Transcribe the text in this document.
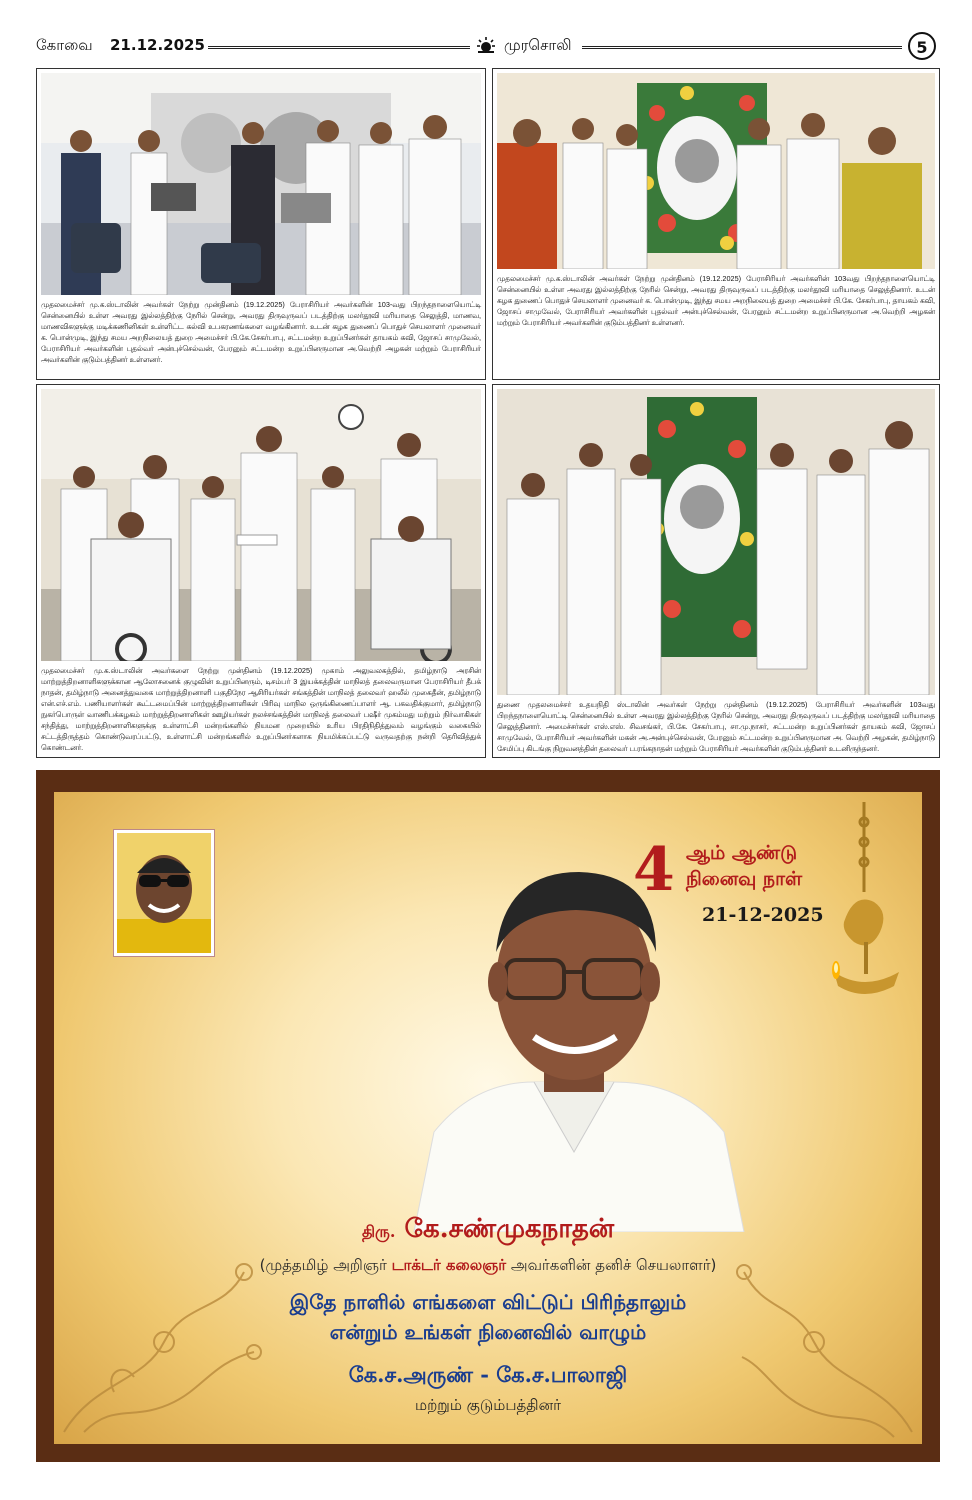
கோவை 21.12.2025	முரசொலி	5
முதலமைச்சர் மு.க.ஸ்டாலின் அவர்கள் நேற்று முன்தினம் (19.12.2025) பேராசிரியர் அவர்களின் 103-வது பிறந்தநாளையொட்டி சென்னையில் உள்ள அவரது இல்லத்திற்கு நேரில் சென்று, அவரது திருவுருவப் படத்திற்கு மலர்தூவி மரியாதை செலுத்தி, மாணவ, மாணவிகளுக்கு மடிக்கணினிகள் உள்ளிட்ட கல்வி உபகரணங்களை வழங்கினார். உடன் கழக துணைப் பொதுச் செயலாளர் முனைவர் க. பொன்முடி, இந்து சமய அறநிலையத் துறை அமைச்சர் பி.கே.சேகர்பாபு, சட்டமன்ற உறுப்பினர்கள் தாயகம் கவி, ஜோசப் சாமுவேல், பேராசிரியர் அவர்களின் புதல்வர் அன்புச்செல்வன், பேரனும் சட்டமன்ற உறுப்பினருமான அ.வெற்றி அழகன் மற்றும் பேராசிரியர் அவர்களின் குடும்பத்தினர் உள்ளனர்.
முதலமைச்சர் மு.க.ஸ்டாலின் அவர்கள் நேற்று முன்தினம் (19.12.2025) பேராசிரியர் அவர்களின் 103வது பிறந்தநாளையொட்டி சென்னையில் உள்ள அவரது இல்லத்திற்கு நேரில் சென்று, அவரது திருவுருவப் படத்திற்கு மலர்தூவி மரியாதை செலுத்தினார். உடன் கழக துணைப் பொதுச் செயலாளர் முனைவர் க. பொன்முடி, இந்து சமய அறநிலையத் துறை அமைச்சர் பி.கே. சேகர்பாபு, தாயகம் கவி, ஜோசப் சாமுவேல், பேராசிரியர் அவர்களின் புதல்வர் அன்புச்செல்வன், பேரனும் சட்டமன்ற உறுப்பினருமான அ.வெற்றி அழகன் மற்றும் பேராசிரியர் அவர்களின் குடும்பத்தினர் உள்ளனர்.
முதலமைச்சர் மு.க.ஸ்டாலின் அவர்களை நேற்று முன்தினம் (19.12.2025) முகாம் அலுவலகத்தில், தமிழ்நாடு அரசின் மாற்றுத்திறனாளிகளுக்கான ஆலோசனைக் குழுவின் உறுப்பினரும், டிசம்பர் 3 இயக்கத்தின் மாநிலத் தலைவருமான பேராசிரியர் தீபக் நாதன், தமிழ்நாடு அனைத்துவகை மாற்றுத்திறனாளி பகுதிநேர ஆசிரியர்கள் சங்கத்தின் மாநிலத் தலைவர் ஹலீல் முகைதீன், தமிழ்நாடு என்.எச்.எம். பணியாளர்கள் கூட்டமைப்பின் மாற்றுத்திறனாளிகள் பிரிவு மாநில ஒருங்கிணைப்பாளர் ஆ. பகவதிக்குமார், தமிழ்நாடு நுகர்பொருள் வாணிபக்கழகம் மாற்றுத்திறனாளிகள் ஊழியர்கள் நலச்சங்கத்தின் மாநிலத் தலைவர் பஷீர் முகம்மது மற்றும் நிர்வாகிகள் சந்தித்து, மாற்றுத்திறனாளிகளுக்கு உள்ளாட்சி மன்றங்களில் நியமன முறையில் உரிய பிரதிநிதித்துவம் வழங்கும் வகையில் சட்டத்திருத்தம் கொண்டுவரப்பட்டு, உள்ளாட்சி மன்றங்களில் உறுப்பினர்களாக நியமிக்கப்பட்டு வருவதற்கு நன்றி தெரிவித்துக் கொண்டனர்.
துணை முதலமைச்சர் உதயநிதி ஸ்டாலின் அவர்கள் நேற்று முன்தினம் (19.12.2025) பேராசிரியர் அவர்களின் 103வது பிறந்தநாளையொட்டி சென்னையில் உள்ள அவரது இல்லத்திற்கு நேரில் சென்று, அவரது திருவுருவப் படத்திற்கு மலர்தூவி மரியாதை செலுத்தினார். அமைச்சர்கள் எஸ்.எஸ். சிவசங்கர், பி.கே. சேகர்பாபு, சா.மு.நாசர், சட்டமன்ற உறுப்பினர்கள் தாயகம் கவி, ஜோசப் சாமுவேல், பேராசிரியர் அவர்களின் மகன் அ.அன்புச்செல்வன், பேரனும் சட்டமன்ற உறுப்பினருமான அ. வெற்றி அழகன், தமிழ்நாடு சேமிப்பு கிடங்கு நிறுவனத்தின் தலைவர் ப.ரங்கநாதன் மற்றும் பேராசிரியர் அவர்களின் குடும்பத்தினர் உடனிருந்தனர்.
4 ஆம் ஆண்டு
நினைவு நாள்
21-12-2025
திரு. கே.சண்முகநாதன்
(முத்தமிழ் அறிஞர் டாக்டர் கலைஞர் அவர்களின் தனிச் செயலாளர்)
இதே நாளில் எங்களை விட்டுப் பிரிந்தாலும்
என்றும் உங்கள் நினைவில் வாழும்
கே.ச.அருண் - கே.ச.பாலாஜி
மற்றும் குடும்பத்தினர்
